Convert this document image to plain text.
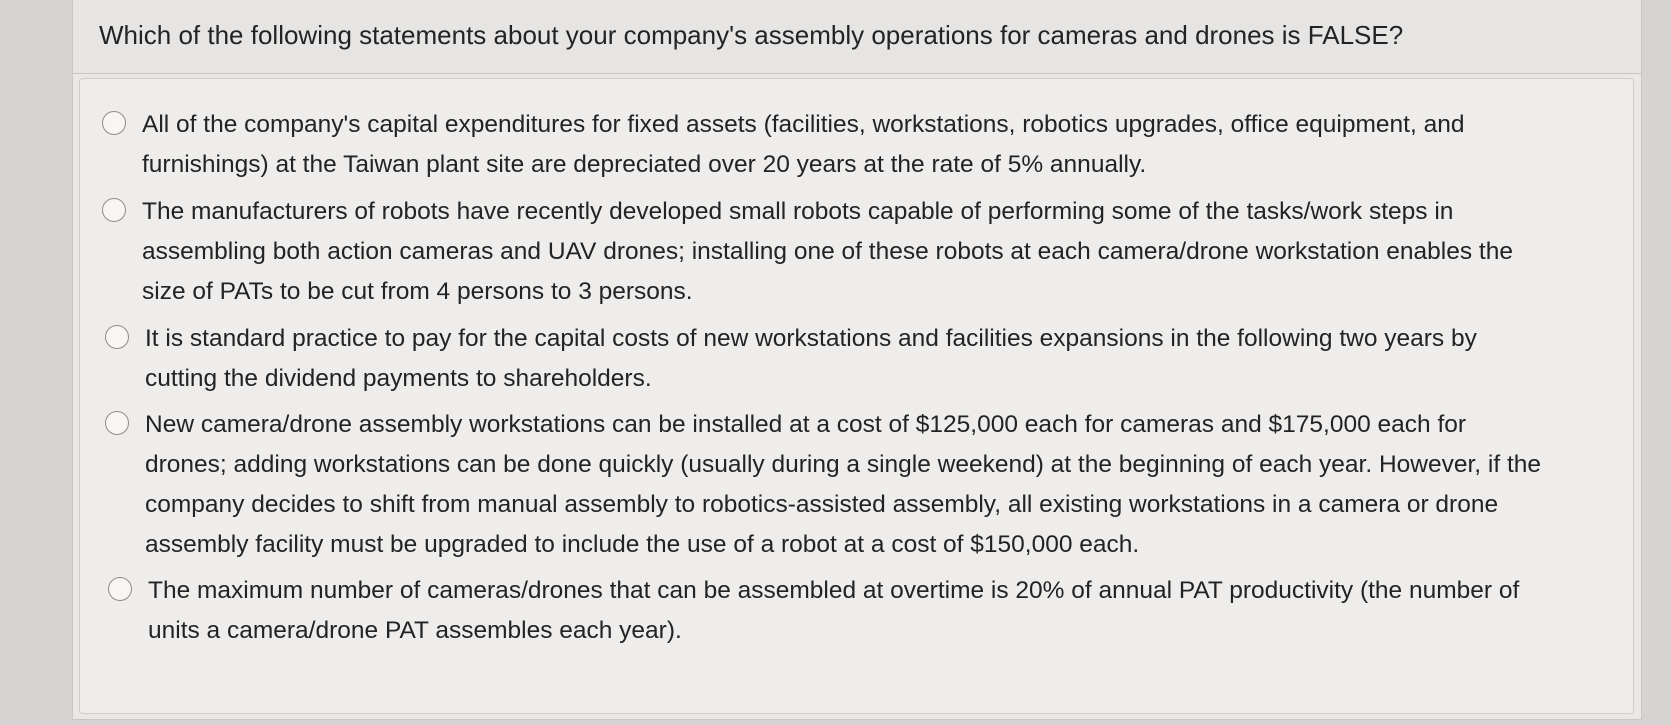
Which of the following statements about your company's assembly operations for cameras and drones is FALSE?
All of the company's capital expenditures for fixed assets (facilities, workstations, robotics upgrades, office equipment, and furnishings) at the Taiwan plant site are depreciated over 20 years at the rate of 5% annually.
The manufacturers of robots have recently developed small robots capable of performing some of the tasks/work steps in assembling both action cameras and UAV drones; installing one of these robots at each camera/drone workstation enables the size of PATs to be cut from 4 persons to 3 persons.
It is standard practice to pay for the capital costs of new workstations and facilities expansions in the following two years by cutting the dividend payments to shareholders.
New camera/drone assembly workstations can be installed at a cost of $125,000 each for cameras and $175,000 each for drones; adding workstations can be done quickly (usually during a single weekend) at the beginning of each year. However, if the company decides to shift from manual assembly to robotics-assisted assembly, all existing workstations in a camera or drone assembly facility must be upgraded to include the use of a robot at a cost of $150,000 each.
The maximum number of cameras/drones that can be assembled at overtime is 20% of annual PAT productivity (the number of units a camera/drone PAT assembles each year).
